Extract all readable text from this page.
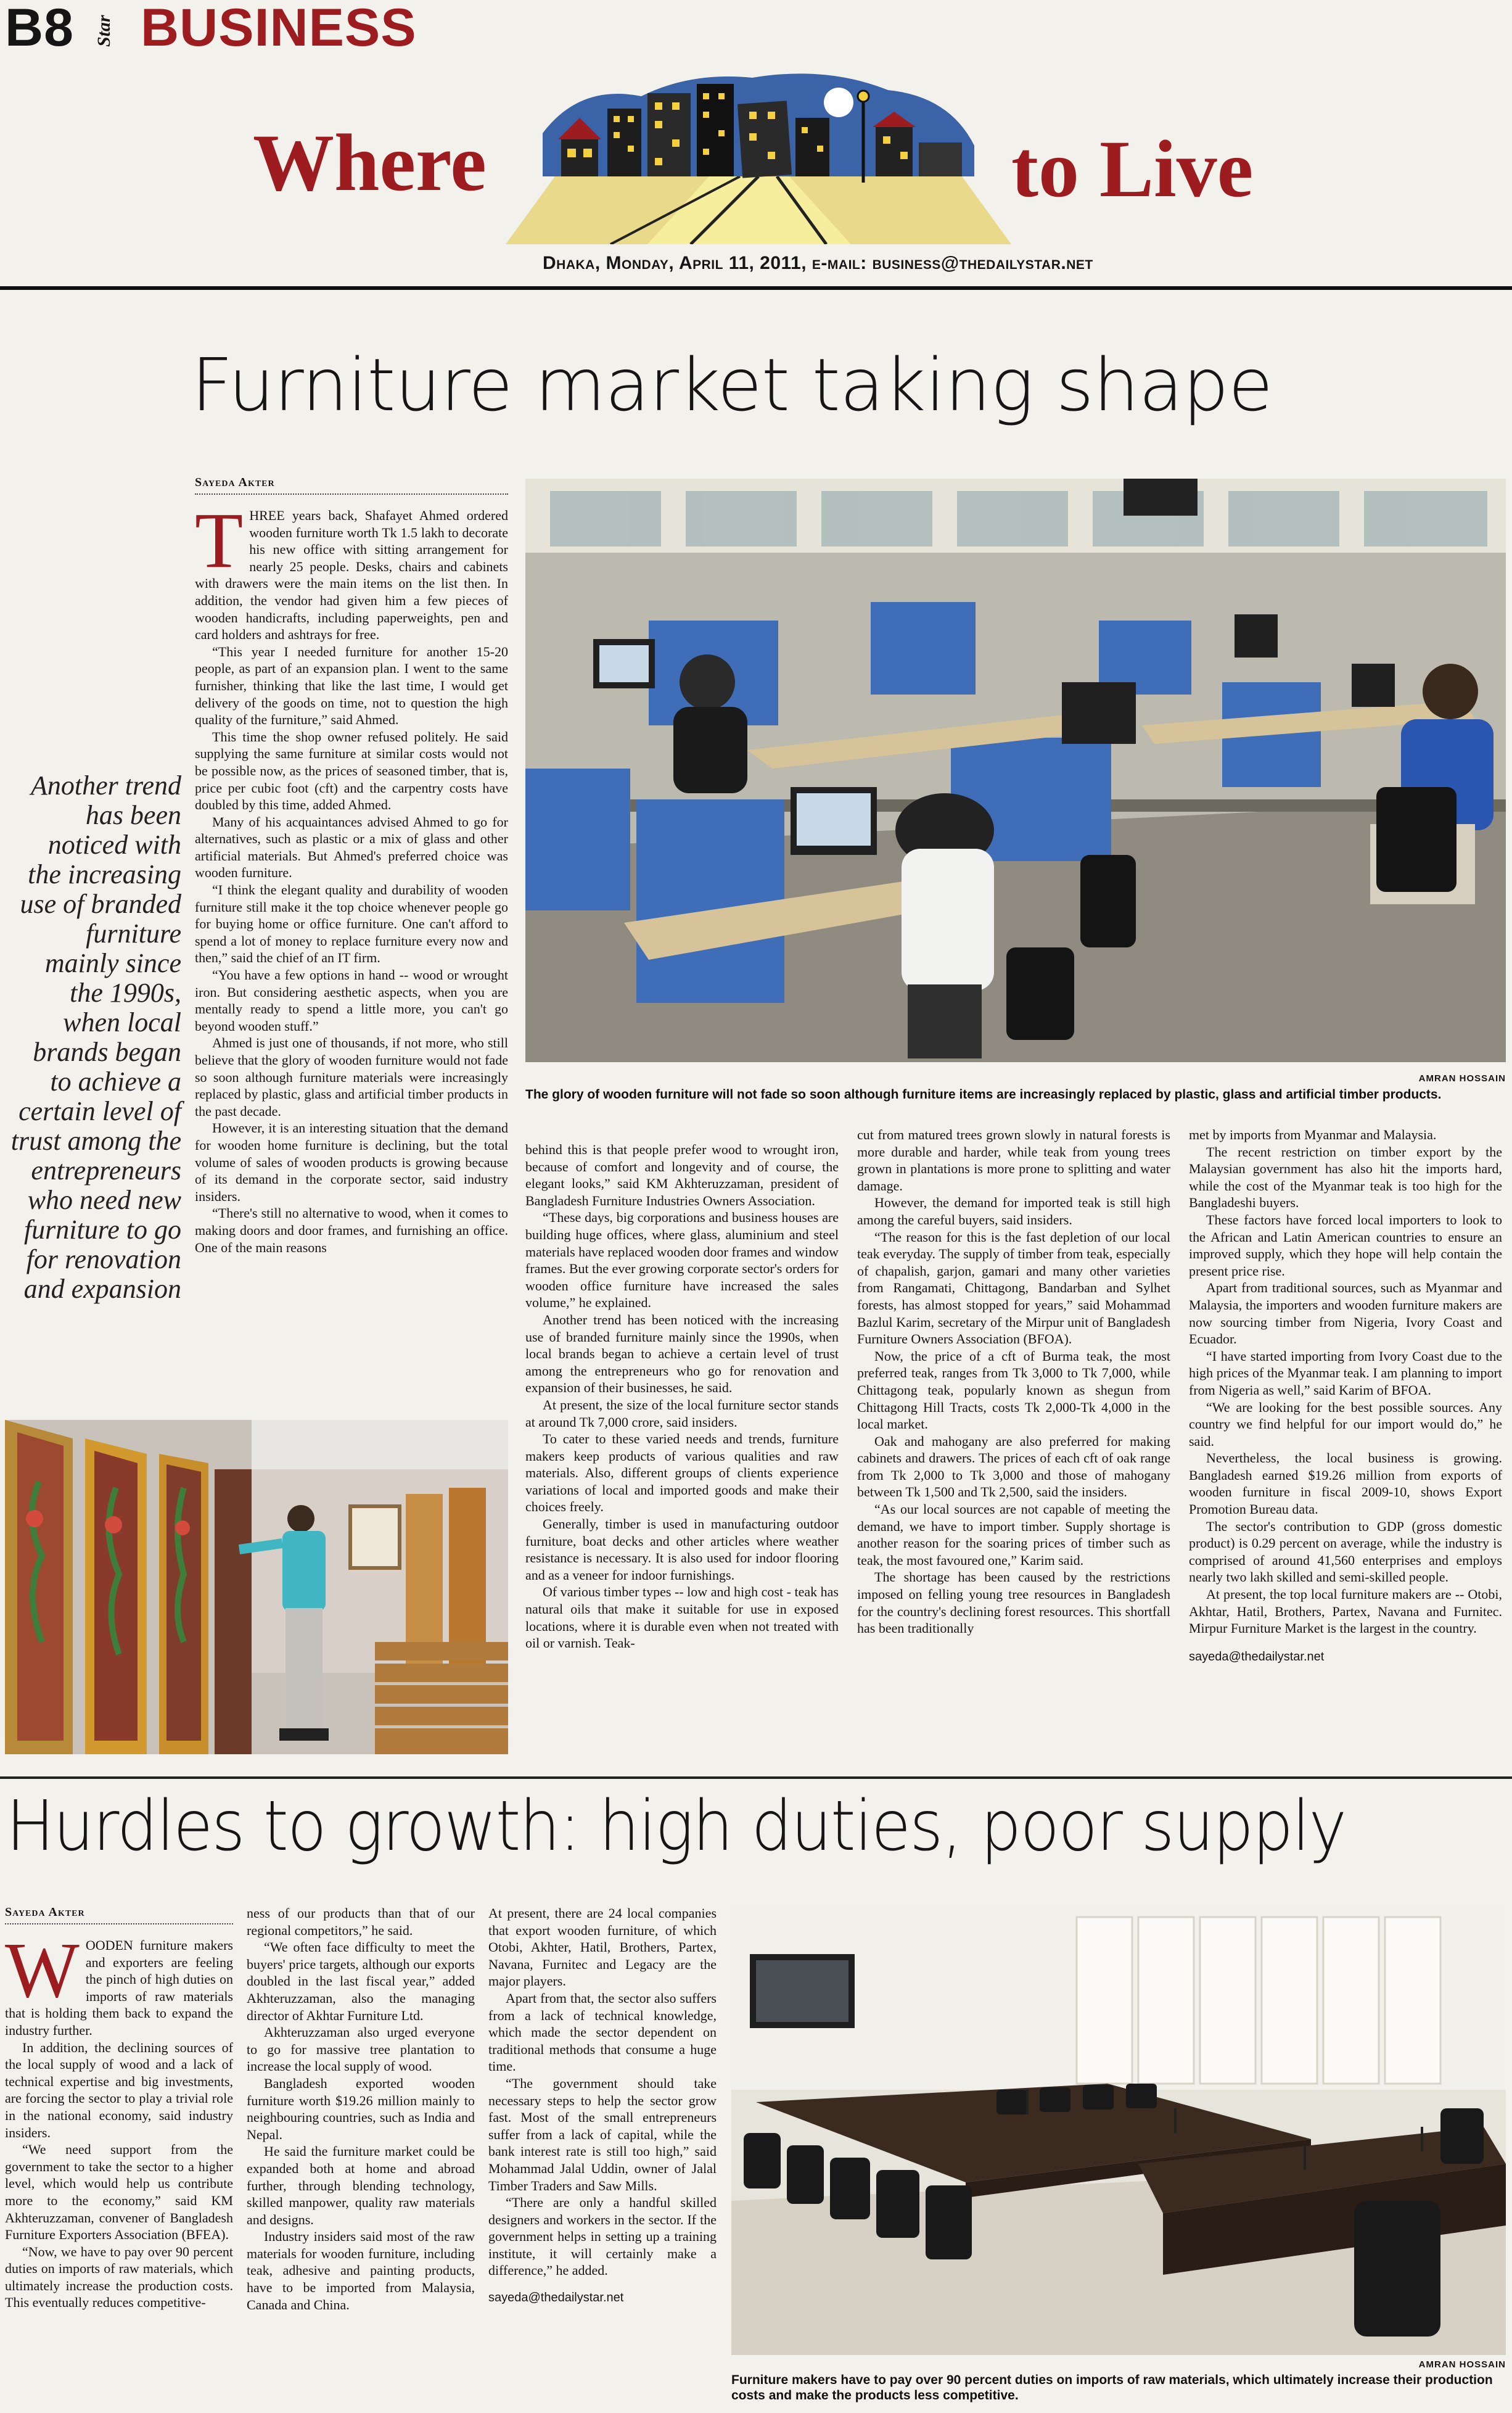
B8 Star BUSINESS
Where	to Live
Dhaka, Monday, April 11, 2011, e-mail: business@thedailystar.net
Furniture market taking shape
Sayeda Akter

THREE years back, Shafayet Ahmed ordered wooden furniture worth Tk 1.5 lakh to decorate his new office with sitting arrangement for nearly 25 people. Desks, chairs and cabinets with drawers were the main items on the list then. In addition, the vendor had given him a few pieces of wooden handicrafts, including paperweights, pen and card holders and ashtrays for free.

“This year I needed furniture for another 15-20 people, as part of an expansion plan. I went to the same furnisher, thinking that like the last time, I would get delivery of the goods on time, not to question the high quality of the furniture,” said Ahmed.

This time the shop owner refused politely. He said supplying the same furniture at similar costs would not be possible now, as the prices of seasoned timber, that is, price per cubic foot (cft) and the carpentry costs have doubled by this time, added Ahmed.

Many of his acquaintances advised Ahmed to go for alternatives, such as plastic or a mix of glass and other artificial materials. But Ahmed's preferred choice was wooden furniture.

“I think the elegant quality and durability of wooden furniture still make it the top choice whenever people go for buying home or office furniture. One can't afford to spend a lot of money to replace furniture every now and then,” said the chief of an IT firm.

“You have a few options in hand -- wood or wrought iron. But considering aesthetic aspects, when you are mentally ready to spend a little more, you can't go beyond wooden stuff.”

Ahmed is just one of thousands, if not more, who still believe that the glory of wooden furniture would not fade so soon although furniture materials were increasingly replaced by plastic, glass and artificial timber products in the past decade.

However, it is an interesting situation that the demand for wooden home furniture is declining, but the total volume of sales of wooden products is growing because of its demand in the corporate sector, said industry insiders.

“There's still no alternative to wood, when it comes to making doors and door frames, and furnishing an office. One of the main reasons

Another trend has been noticed with the increasing use of branded furniture mainly since the 1990s, when local brands began to achieve a certain level of trust among the entrepreneurs who need new furniture to go for renovation and expansion
AMRAN HOSSAIN
The glory of wooden furniture will not fade so soon although furniture items are increasingly replaced by plastic, glass and artificial timber products.

behind this is that people prefer wood to wrought iron, because of comfort and longevity and of course, the elegant looks,” said KM Akhteruzzaman, president of Bangladesh Furniture Industries Owners Association.

“These days, big corporations and business houses are building huge offices, where glass, aluminium and steel materials have replaced wooden door frames and window frames. But the ever growing corporate sector's orders for wooden office furniture have increased the sales volume,” he explained.

Another trend has been noticed with the increasing use of branded furniture mainly since the 1990s, when local brands began to achieve a certain level of trust among the entrepreneurs who go for renovation and expansion of their businesses, he said.

At present, the size of the local furniture sector stands at around Tk 7,000 crore, said insiders.

To cater to these varied needs and trends, furniture makers keep products of various qualities and raw materials. Also, different groups of clients experience variations of local and imported goods and make their choices freely.

Generally, timber is used in manufacturing outdoor furniture, boat decks and other articles where weather resistance is necessary. It is also used for indoor flooring and as a veneer for indoor furnishings.

Of various timber types -- low and high cost - teak has natural oils that make it suitable for use in exposed locations, where it is durable even when not treated with oil or varnish. Teak-

cut from matured trees grown slowly in natural forests is more durable and harder, while teak from young trees grown in plantations is more prone to splitting and water damage.

However, the demand for imported teak is still high among the careful buyers, said insiders.

“The reason for this is the fast depletion of our local teak everyday. The supply of timber from teak, especially of chapalish, garjon, gamari and many other varieties from Rangamati, Chittagong, Bandarban and Sylhet forests, has almost stopped for years,” said Mohammad Bazlul Karim, secretary of the Mirpur unit of Bangladesh Furniture Owners Association (BFOA).

Now, the price of a cft of Burma teak, the most preferred teak, ranges from Tk 3,000 to Tk 7,000, while Chittagong teak, popularly known as shegun from Chittagong Hill Tracts, costs Tk 2,000-Tk 4,000 in the local market.

Oak and mahogany are also preferred for making cabinets and drawers. The prices of each cft of oak range from Tk 2,000 to Tk 3,000 and those of mahogany between Tk 1,500 and Tk 2,500, said the insiders.

“As our local sources are not capable of meeting the demand, we have to import timber. Supply shortage is another reason for the soaring prices of timber such as teak, the most favoured one,” Karim said.

The shortage has been caused by the restrictions imposed on felling young tree resources in Bangladesh for the country's declining forest resources. This shortfall has been traditionally

met by imports from Myanmar and Malaysia.

The recent restriction on timber export by the Malaysian government has also hit the imports hard, while the cost of the Myanmar teak is too high for the Bangladeshi buyers.

These factors have forced local importers to look to the African and Latin American countries to ensure an improved supply, which they hope will help contain the present price rise.

Apart from traditional sources, such as Myanmar and Malaysia, the importers and wooden furniture makers are now sourcing timber from Nigeria, Ivory Coast and Ecuador.

“I have started importing from Ivory Coast due to the high prices of the Myanmar teak. I am planning to import from Nigeria as well,” said Karim of BFOA.

“We are looking for the best possible sources. Any country we find helpful for our import would do,” he said.

Nevertheless, the local business is growing. Bangladesh earned $19.26 million from exports of wooden furniture in fiscal 2009-10, shows Export Promotion Bureau data.

The sector's contribution to GDP (gross domestic product) is 0.29 percent on average, while the industry is comprised of around 41,560 enterprises and employs nearly two lakh skilled and semi-skilled people.

At present, the top local furniture makers are -- Otobi, Akhtar, Hatil, Brothers, Partex, Navana and Furnitec. Mirpur Furniture Market is the largest in the country.

sayeda@thedailystar.net

Hurdles to growth: high duties, poor supply
Sayeda Akter

WOODEN furniture makers and exporters are feeling the pinch of high duties on imports of raw materials that is holding them back to expand the industry further.

In addition, the declining sources of the local supply of wood and a lack of technical expertise and big investments, are forcing the sector to play a trivial role in the national economy, said industry insiders.

“We need support from the government to take the sector to a higher level, which would help us contribute more to the economy,” said KM Akhteruzzaman, convener of Bangladesh Furniture Exporters Association (BFEA).

“Now, we have to pay over 90 percent duties on imports of raw materials, which ultimately increase the production costs. This eventually reduces competitive-

ness of our products than that of our regional competitors,” he said.

“We often face difficulty to meet the buyers' price targets, although our exports doubled in the last fiscal year,” added Akhteruzzaman, also the managing director of Akhtar Furniture Ltd.

Akhteruzzaman also urged everyone to go for massive tree plantation to increase the local supply of wood.

Bangladesh exported wooden furniture worth $19.26 million mainly to neighbouring countries, such as India and Nepal.

He said the furniture market could be expanded both at home and abroad further, through blending technology, skilled manpower, quality raw materials and designs.

Industry insiders said most of the raw materials for wooden furniture, including teak, adhesive and painting products, have to be imported from Malaysia, Canada and China.

At present, there are 24 local companies that export wooden furniture, of which Otobi, Akhter, Hatil, Brothers, Partex, Navana, Furnitec and Legacy are the major players.

Apart from that, the sector also suffers from a lack of technical knowledge, which made the sector dependent on traditional methods that consume a huge time.

“The government should take necessary steps to help the sector grow fast. Most of the small entrepreneurs suffer from a lack of capital, while the bank interest rate is still too high,” said Mohammad Jalal Uddin, owner of Jalal Timber Traders and Saw Mills.

“There are only a handful skilled designers and workers in the sector. If the government helps in setting up a training institute, it will certainly make a difference,” he added.

sayeda@thedailystar.net

AMRAN HOSSAIN
Furniture makers have to pay over 90 percent duties on imports of raw materials, which ultimately increase their production costs and make the products less competitive.
